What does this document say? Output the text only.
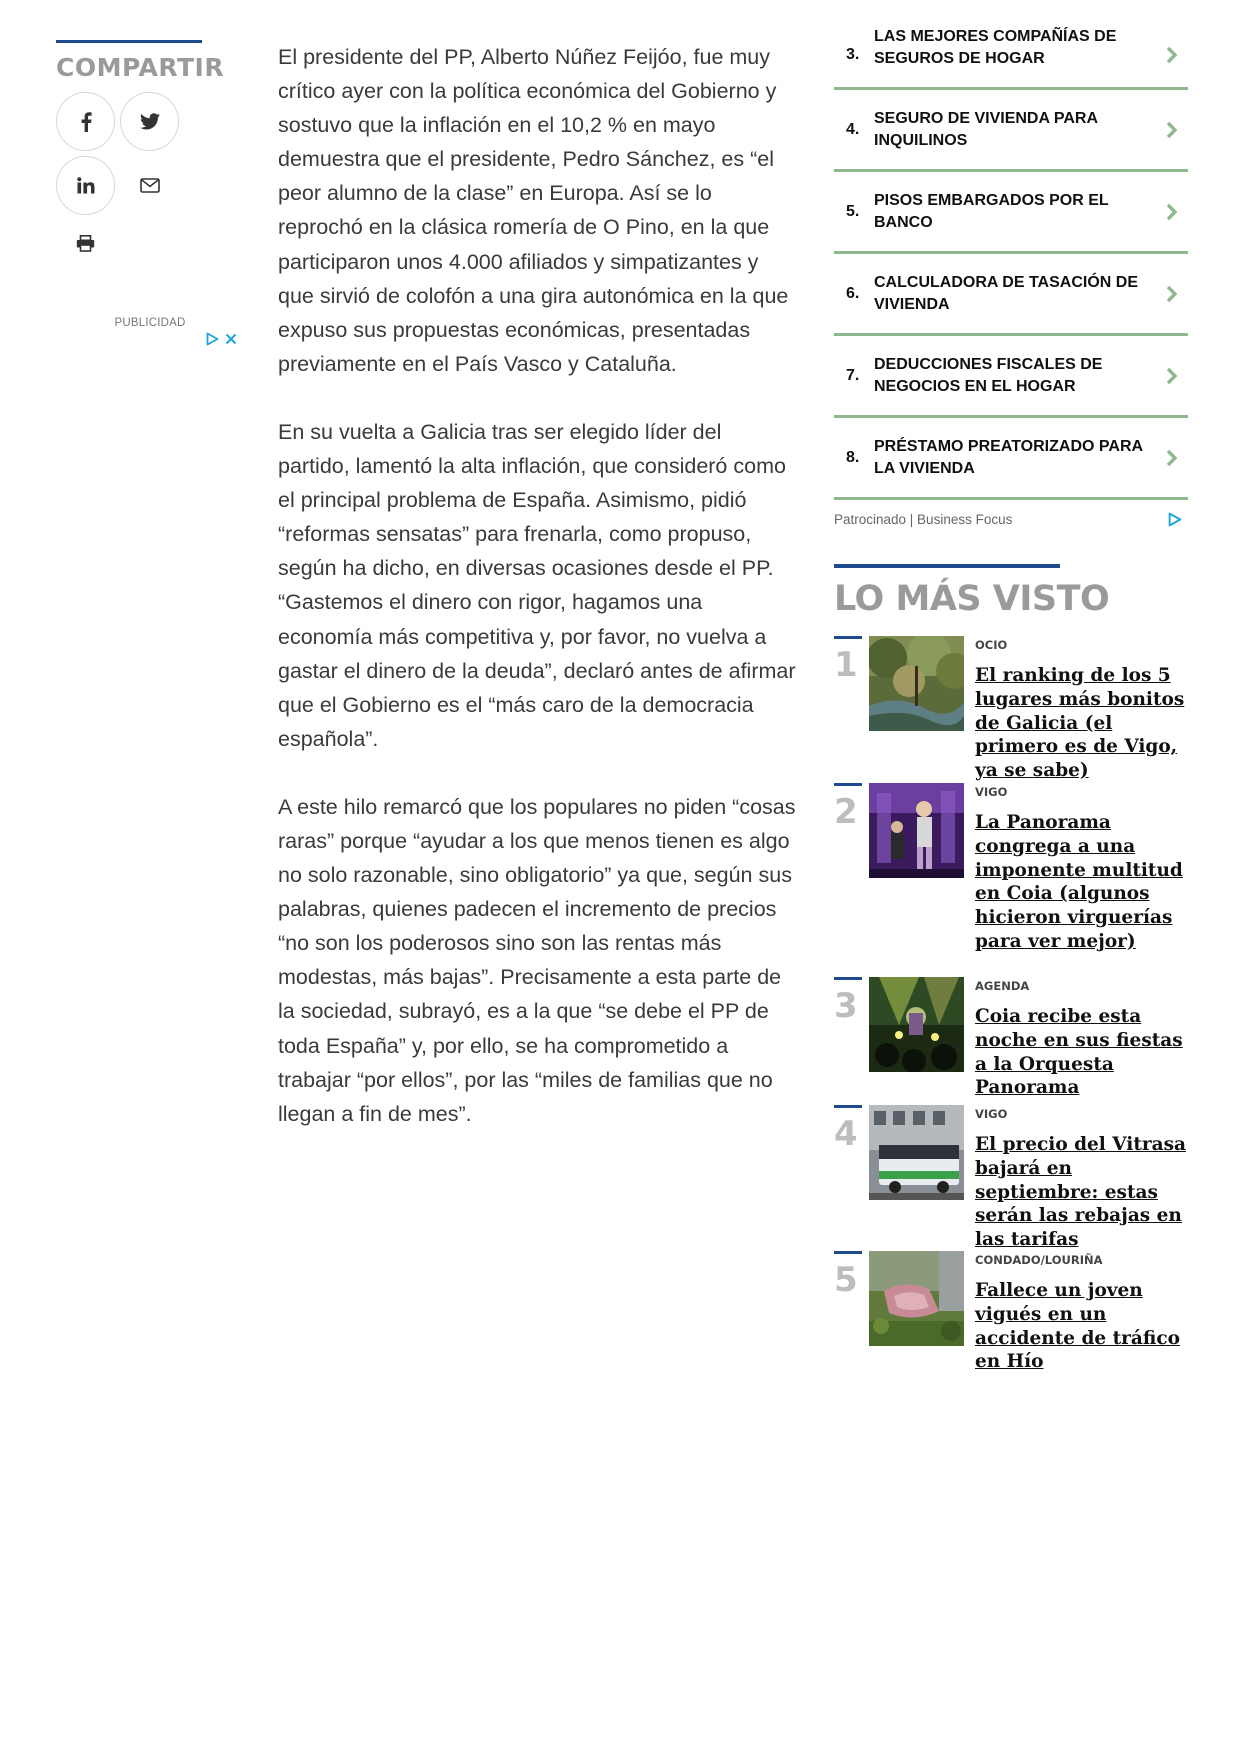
COMPARTIR
PUBLICIDAD

El presidente del PP, Alberto Núñez Feijóo, fue muy crítico ayer con la política económica del Gobierno y sostuvo que la inflación en el 10,2 % en mayo demuestra que el presidente, Pedro Sánchez, es “el peor alumno de la clase” en Europa. Así se lo reprochó en la clásica romería de O Pino, en la que participaron unos 4.000 afiliados y simpatizantes y que sirvió de colofón a una gira autonómica en la que expuso sus propuestas económicas, presentadas previamente en el País Vasco y Cataluña.

En su vuelta a Galicia tras ser elegido líder del partido, lamentó la alta inflación, que consideró como el principal problema de España. Asimismo, pidió “reformas sensatas” para frenarla, como propuso, según ha dicho, en diversas ocasiones desde el PP. “Gastemos el dinero con rigor, hagamos una economía más competitiva y, por favor, no vuelva a gastar el dinero de la deuda”, declaró antes de afirmar que el Gobierno es el “más caro de la democracia española”.

A este hilo remarcó que los populares no piden “cosas raras” porque “ayudar a los que menos tienen es algo no solo razonable, sino obligatorio” ya que, según sus palabras, quienes padecen el incremento de precios “no son los poderosos sino son las rentas más modestas, más bajas”. Precisamente a esta parte de la sociedad, subrayó, es a la que “se debe el PP de toda España” y, por ello, se ha comprometido a trabajar “por ellos”, por las “miles de familias que no llegan a fin de mes”.

3.
LAS MEJORES COMPAÑÍAS DE SEGUROS DE HOGAR
4.
SEGURO DE VIVIENDA PARA INQUILINOS
5.
PISOS EMBARGADOS POR EL BANCO
6.
CALCULADORA DE TASACIÓN DE VIVIENDA
7.
DEDUCCIONES FISCALES DE NEGOCIOS EN EL HOGAR
8.
PRÉSTAMO PREATORIZADO PARA LA VIVIENDA
Patrocinado | Business Focus
LO MÁS VISTO
1	OCIO
El ranking de los 5 lugares más bonitos de Galicia (el primero es de Vigo, ya se sabe)
2	VIGO
La Panorama congrega a una imponente multitud en Coia (algunos hicieron virguerías para ver mejor)
3	AGENDA
Coia recibe esta noche en sus fiestas a la Orquesta Panorama
4	VIGO
El precio del Vitrasa bajará en septiembre: estas serán las rebajas en las tarifas
5	CONDADO/LOURIÑA
Fallece un joven vigués en un accidente de tráfico en Hío
